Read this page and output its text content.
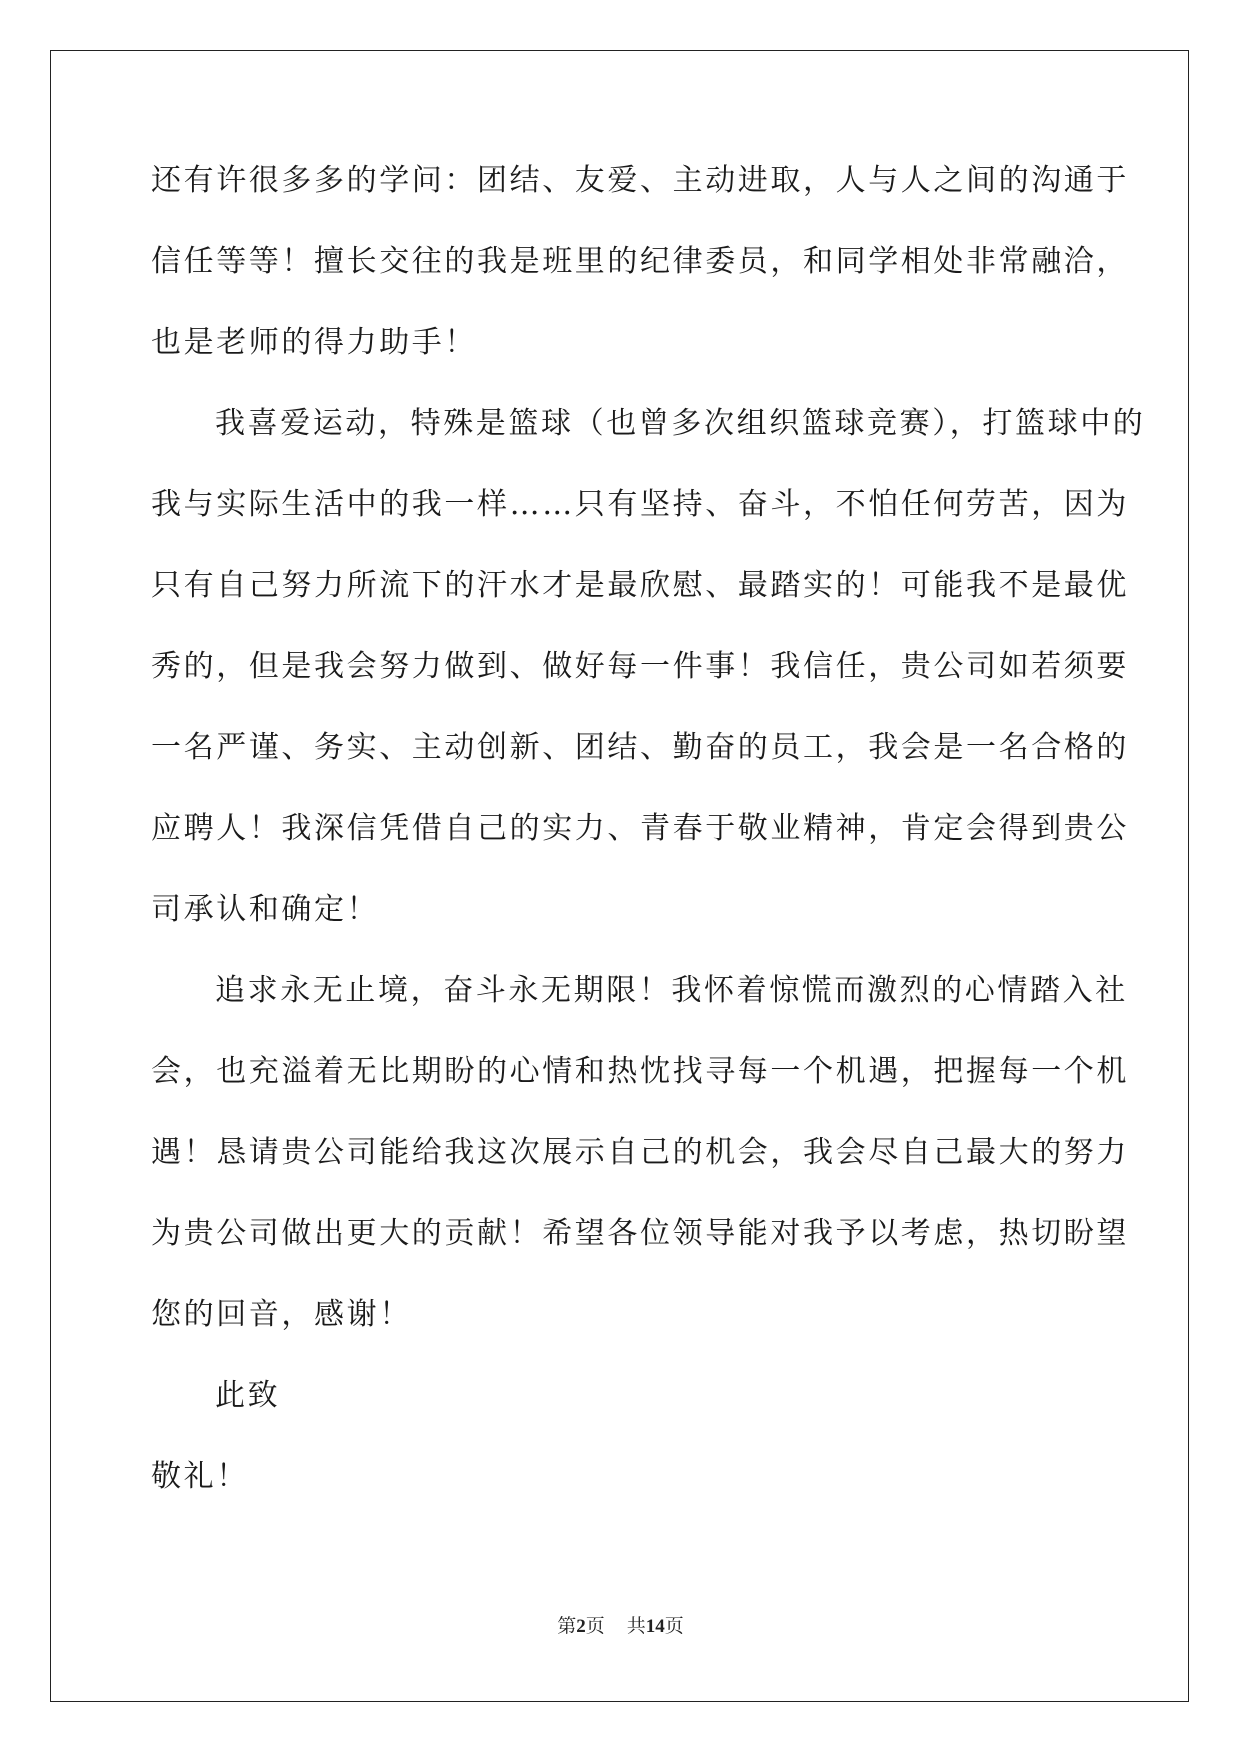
还有许很多多的学问：团结、友爱、主动进取，人与人之间的沟通于
信任等等！擅长交往的我是班里的纪律委员，和同学相处非常融洽，
也是老师的得力助手！
我喜爱运动，特殊是篮球（也曾多次组织篮球竞赛），打篮球中的
我与实际生活中的我一样……只有坚持、奋斗，不怕任何劳苦，因为
只有自己努力所流下的汗水才是最欣慰、最踏实的！可能我不是最优
秀的，但是我会努力做到、做好每一件事！我信任，贵公司如若须要
一名严谨、务实、主动创新、团结、勤奋的员工，我会是一名合格的
应聘人！我深信凭借自己的实力、青春于敬业精神，肯定会得到贵公
司承认和确定！
追求永无止境，奋斗永无期限！我怀着惊慌而激烈的心情踏入社
会，也充溢着无比期盼的心情和热忱找寻每一个机遇，把握每一个机
遇！恳请贵公司能给我这次展示自己的机会，我会尽自己最大的努力
为贵公司做出更大的贡献！希望各位领导能对我予以考虑，热切盼望
您的回音，感谢！
此致
敬礼！
第2页 共14页
